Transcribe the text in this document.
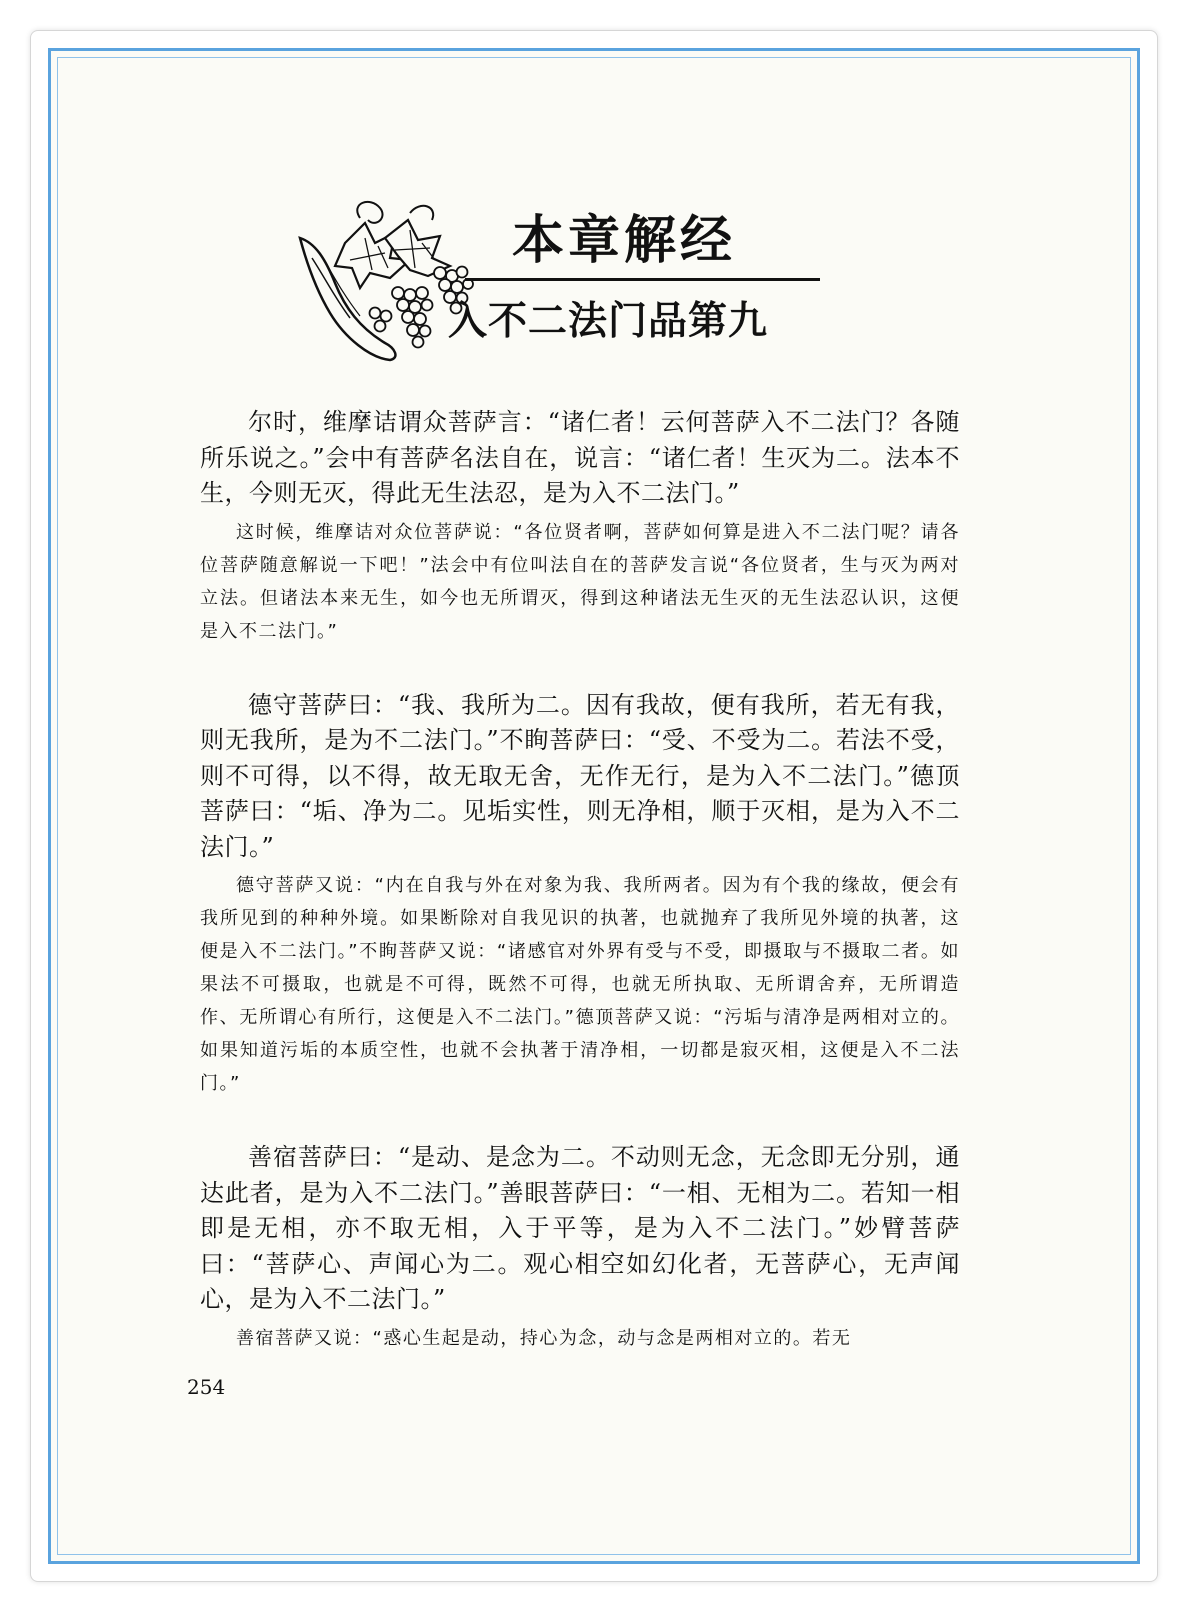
本章解经
入不二法门品第九

尔时，维摩诘谓众菩萨言：“诸仁者！云何菩萨入不二法门？各随所乐说之。”会中有菩萨名法自在，说言：“诸仁者！生灭为二。法本不生，今则无灭，得此无生法忍，是为入不二法门。”

这时候，维摩诘对众位菩萨说：“各位贤者啊，菩萨如何算是进入不二法门呢？请各位菩萨随意解说一下吧！”法会中有位叫法自在的菩萨发言说“各位贤者，生与灭为两对立法。但诸法本来无生，如今也无所谓灭，得到这种诸法无生灭的无生法忍认识，这便是入不二法门。”

德守菩萨曰：“我、我所为二。因有我故，便有我所，若无有我，则无我所，是为不二法门。”不眴菩萨曰：“受、不受为二。若法不受，则不可得，以不得，故无取无舍，无作无行，是为入不二法门。”德顶菩萨曰：“垢、净为二。见垢实性，则无净相，顺于灭相，是为入不二法门。”

德守菩萨又说：“内在自我与外在对象为我、我所两者。因为有个我的缘故，便会有我所见到的种种外境。如果断除对自我见识的执著，也就抛弃了我所见外境的执著，这便是入不二法门。”不眴菩萨又说：“诸感官对外界有受与不受，即摄取与不摄取二者。如果法不可摄取，也就是不可得，既然不可得，也就无所执取、无所谓舍弃，无所谓造作、无所谓心有所行，这便是入不二法门。”德顶菩萨又说：“污垢与清净是两相对立的。如果知道污垢的本质空性，也就不会执著于清净相，一切都是寂灭相，这便是入不二法门。”

善宿菩萨曰：“是动、是念为二。不动则无念，无念即无分别，通达此者，是为入不二法门。”善眼菩萨曰：“一相、无相为二。若知一相即是无相，亦不取无相，入于平等，是为入不二法门。”妙臂菩萨曰：“菩萨心、声闻心为二。观心相空如幻化者，无菩萨心，无声闻心，是为入不二法门。”

善宿菩萨又说：“惑心生起是动，持心为念，动与念是两相对立的。若无

254
